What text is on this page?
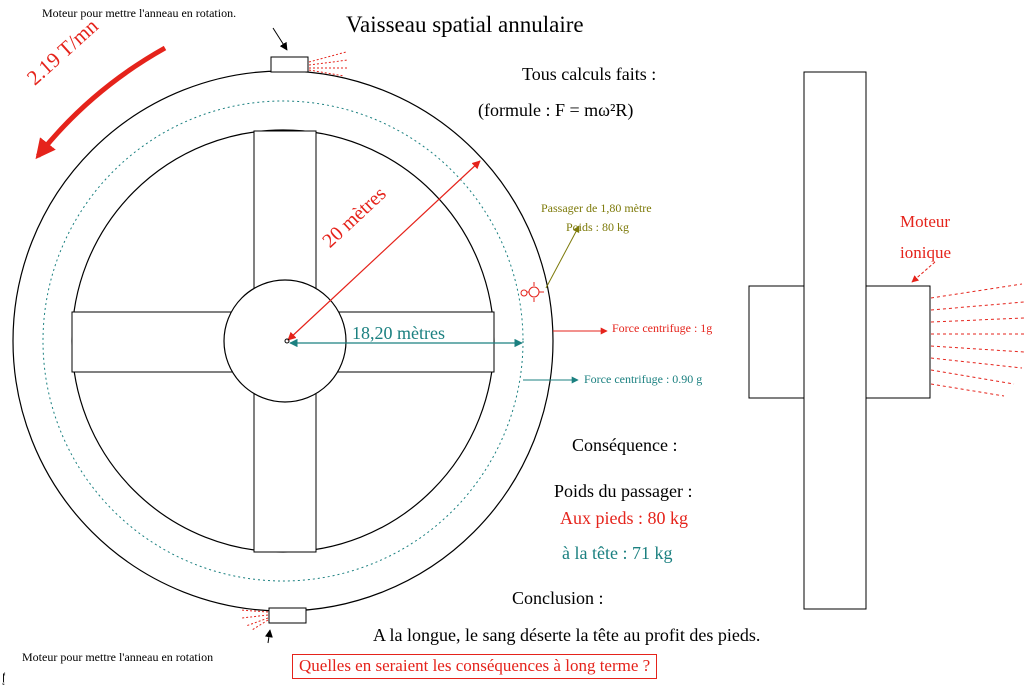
Vaisseau spatial annulaire

Moteur pour mettre l'anneau en rotation.

Moteur pour mettre l'anneau en rotation

2.19 T/mn	Tous calculs faits :

(formule : F = mω²R)

Passager de 1,80 mètre

Poids : 80 kg

20 mètres

18,20 mètres	Force centrifuge : 1g

Force centrifuge : 0.90 g

Moteur

ionique

Conséquence :

Poids du passager :

Aux pieds : 80 kg

à la tête : 71 kg

Conclusion :

A la longue, le sang déserte la tête au profit des pieds.

Quelles en seraient les conséquences à long terme ?

ٰﺇ
